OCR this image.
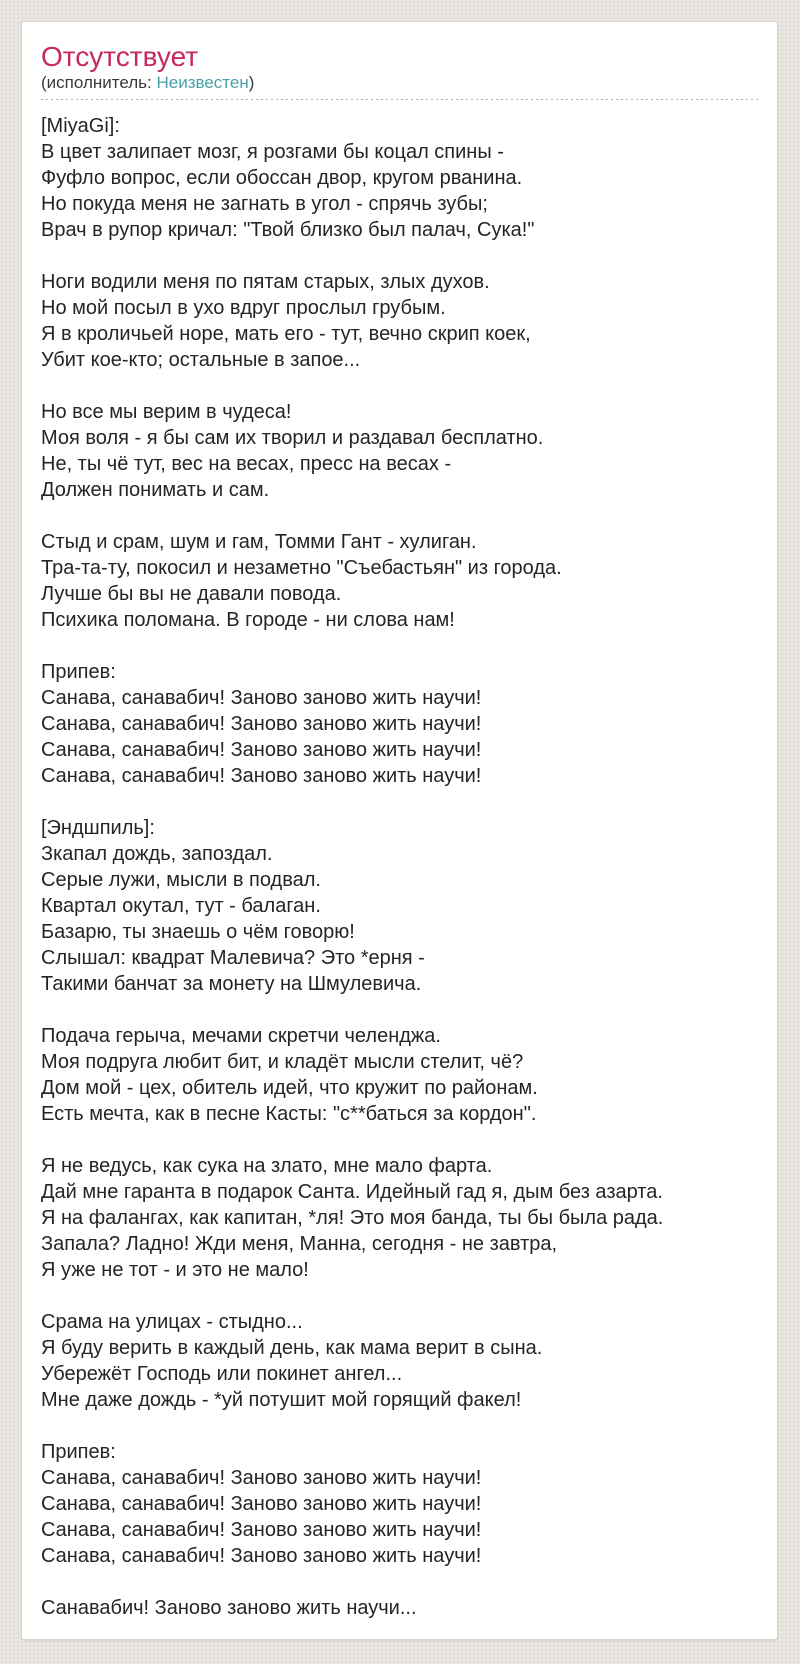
Отсутствует
(исполнитель: Неизвестен)

[MiyaGi]:
В цвет залипает мозг, я розгами бы коцал спины -
Фуфло вопрос, если обоссан двор, кругом рванина.
Но покуда меня не загнать в угол - спрячь зубы;
Врач в рупор кричал: "Твой близко был палач, Сука!"

Ноги водили меня по пятам старых, злых духов.
Но мой посыл в ухо вдруг прослыл грубым.
Я в кроличьей норе, мать его - тут, вечно скрип коек,
Убит кое-кто; остальные в запое...

Но все мы верим в чудеса!
Моя воля - я бы сам их творил и раздавал бесплатно.
Не, ты чё тут, вес на весах, пресс на весах -
Должен понимать и сам.

Стыд и срам, шум и гам, Томми Гант - хулиган.
Тра-та-ту, покосил и незаметно "Съебастьян" из города.
Лучше бы вы не давали повода.
Психика поломана. В городе - ни слова нам!

Припев:
Санава, санавабич! Заново заново жить научи!
Санава, санавабич! Заново заново жить научи!
Санава, санавабич! Заново заново жить научи!
Санава, санавабич! Заново заново жить научи!

[Эндшпиль]:
Зкапал дождь, запоздал.
Серые лужи, мысли в подвал.
Квартал окутал, тут - балаган.
Базарю, ты знаешь о чём говорю!
Слышал: квадрат Малевича? Это *ерня -
Такими банчат за монету на Шмулевича.

Подача герыча, мечами скретчи челенджа.
Моя подруга любит бит, и кладёт мысли стелит, чё?
Дом мой - цех, обитель идей, что кружит по районам.
Есть мечта, как в песне Касты: "с**баться за кордон".

Я не ведусь, как сука на злато, мне мало фарта.
Дай мне гаранта в подарок Санта. Идейный гад я, дым без азарта.
Я на фалангах, как капитан, *ля! Это моя банда, ты бы была рада.
Запала? Ладно! Жди меня, Манна, сегодня - не завтра,
Я уже не тот - и это не мало!

Срама на улицах - стыдно...
Я буду верить в каждый день, как мама верит в сына.
Убережёт Господь или покинет ангел...
Мне даже дождь - *уй потушит мой горящий факел!

Припев:
Санава, санавабич! Заново заново жить научи!
Санава, санавабич! Заново заново жить научи!
Санава, санавабич! Заново заново жить научи!
Санава, санавабич! Заново заново жить научи!

Санавабич! Заново заново жить научи...
